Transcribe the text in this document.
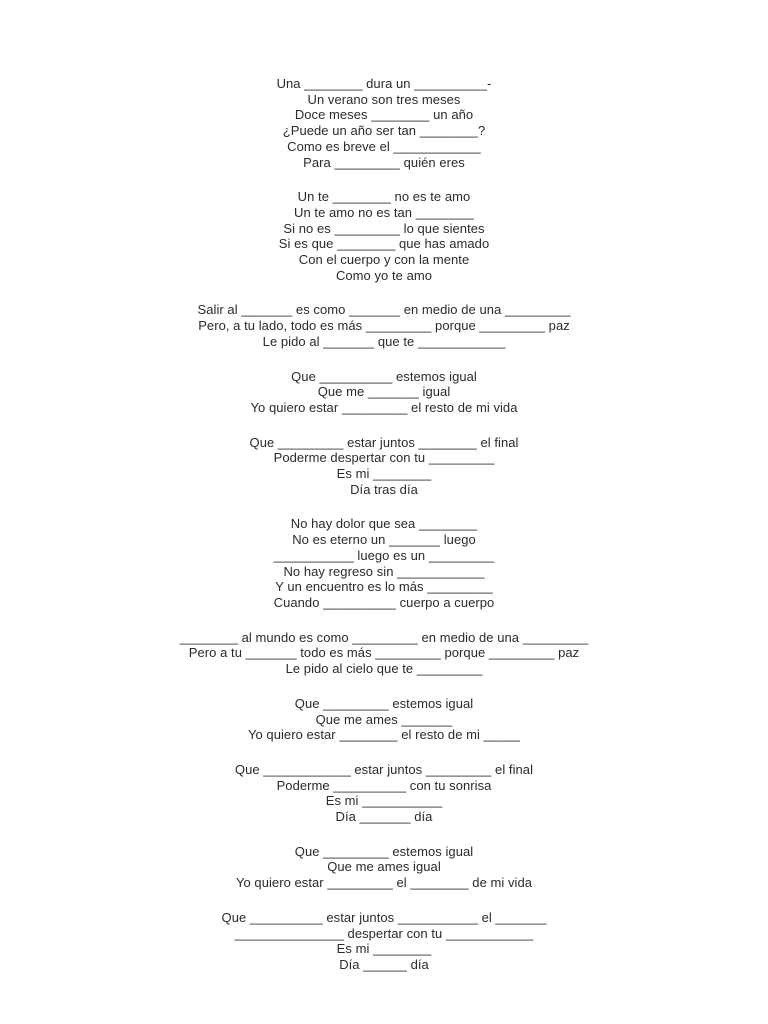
Una ________ dura un __________-
Un verano son tres meses
Doce meses ________ un año
¿Puede un año ser tan ________?
Como es breve el ____________
Para _________ quién eres
Un te ________ no es te amo
Un te amo no es tan ________
Si no es _________ lo que sientes
Si es que ________ que has amado
Con el cuerpo y con la mente
Como yo te amo
Salir al _______ es como _______ en medio de una _________
Pero, a tu lado, todo es más _________ porque _________ paz
Le pido al _______ que te ____________
Que __________ estemos igual
Que me _______ igual
Yo quiero estar _________ el resto de mi vida
Que _________ estar juntos ________ el final
Poderme despertar con tu _________
Es mi ________
Día tras día
No hay dolor que sea ________
No es eterno un _______ luego
___________ luego es un _________
No hay regreso sin ____________
Y un encuentro es lo más _________
Cuando __________ cuerpo a cuerpo
________ al mundo es como _________ en medio de una _________
Pero a tu _______ todo es más _________ porque _________ paz
Le pido al cielo que te _________
Que _________ estemos igual
Que me ames _______
Yo quiero estar ________ el resto de mi _____
Que ____________ estar juntos _________ el final
Poderme __________ con tu sonrisa
Es mi ___________
Día _______ día
Que _________ estemos igual
Que me ames igual
Yo quiero estar _________ el ________ de mi vida
Que __________ estar juntos ___________ el _______
_______________ despertar con tu ____________
Es mi ________
Día ______ día
